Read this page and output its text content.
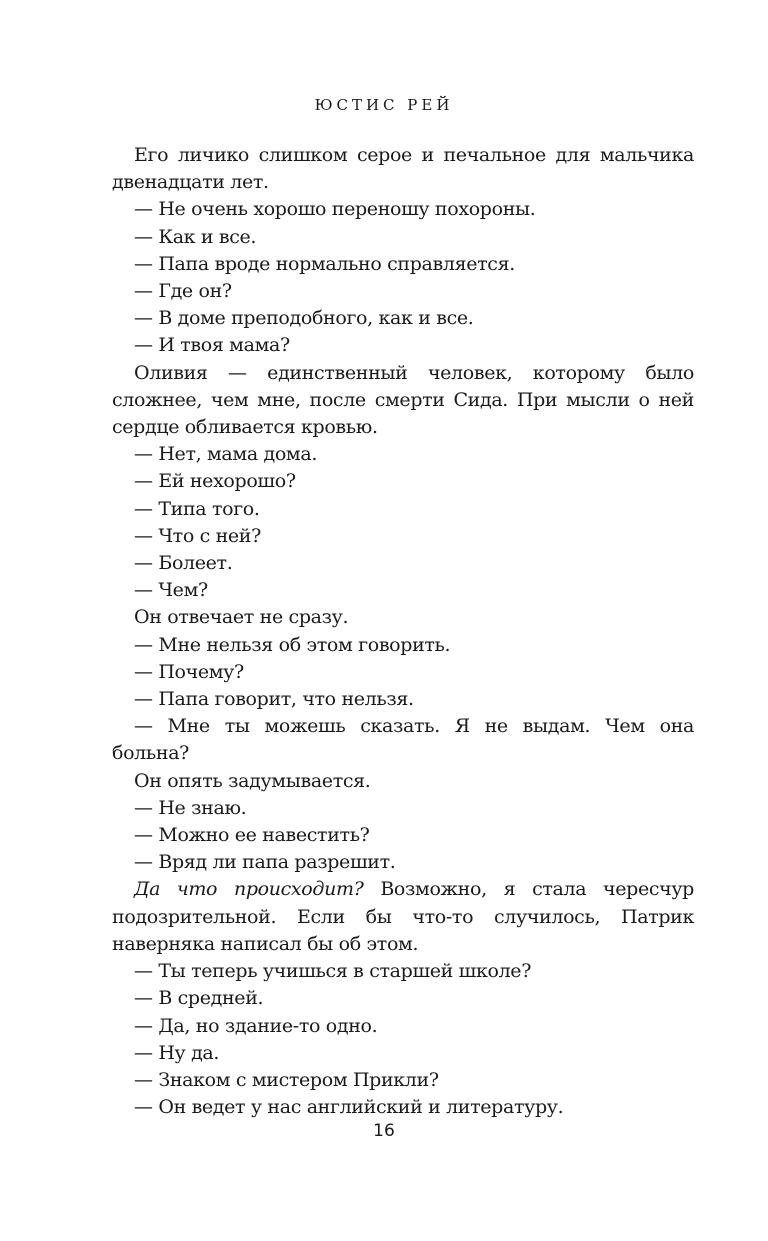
ЮСТИС РЕЙ

Его личико слишком серое и печальное для мальчика двенадцати лет.

— Не очень хорошо переношу похороны.

— Как и все.

— Папа вроде нормально справляется.

— Где он?

— В доме преподобного, как и все.

— И твоя мама?

Оливия — единственный человек, которому было сложнее, чем мне, после смерти Сида. При мысли о ней сердце обливается кровью.

— Нет, мама дома.

— Ей нехорошо?

— Типа того.

— Что с ней?

— Болеет.

— Чем?

Он отвечает не сразу.

— Мне нельзя об этом говорить.

— Почему?

— Папа говорит, что нельзя.

— Мне ты можешь сказать. Я не выдам. Чем она больна?

Он опять задумывается.

— Не знаю.

— Можно ее навестить?

— Вряд ли папа разрешит.

Да что происходит? Возможно, я стала чересчур подозрительной. Если бы что-то случилось, Патрик наверняка написал бы об этом.

— Ты теперь учишься в старшей школе?

— В средней.

— Да, но здание-то одно.

— Ну да.

— Знаком с мистером Прикли?

— Он ведет у нас английский и литературу.

16
